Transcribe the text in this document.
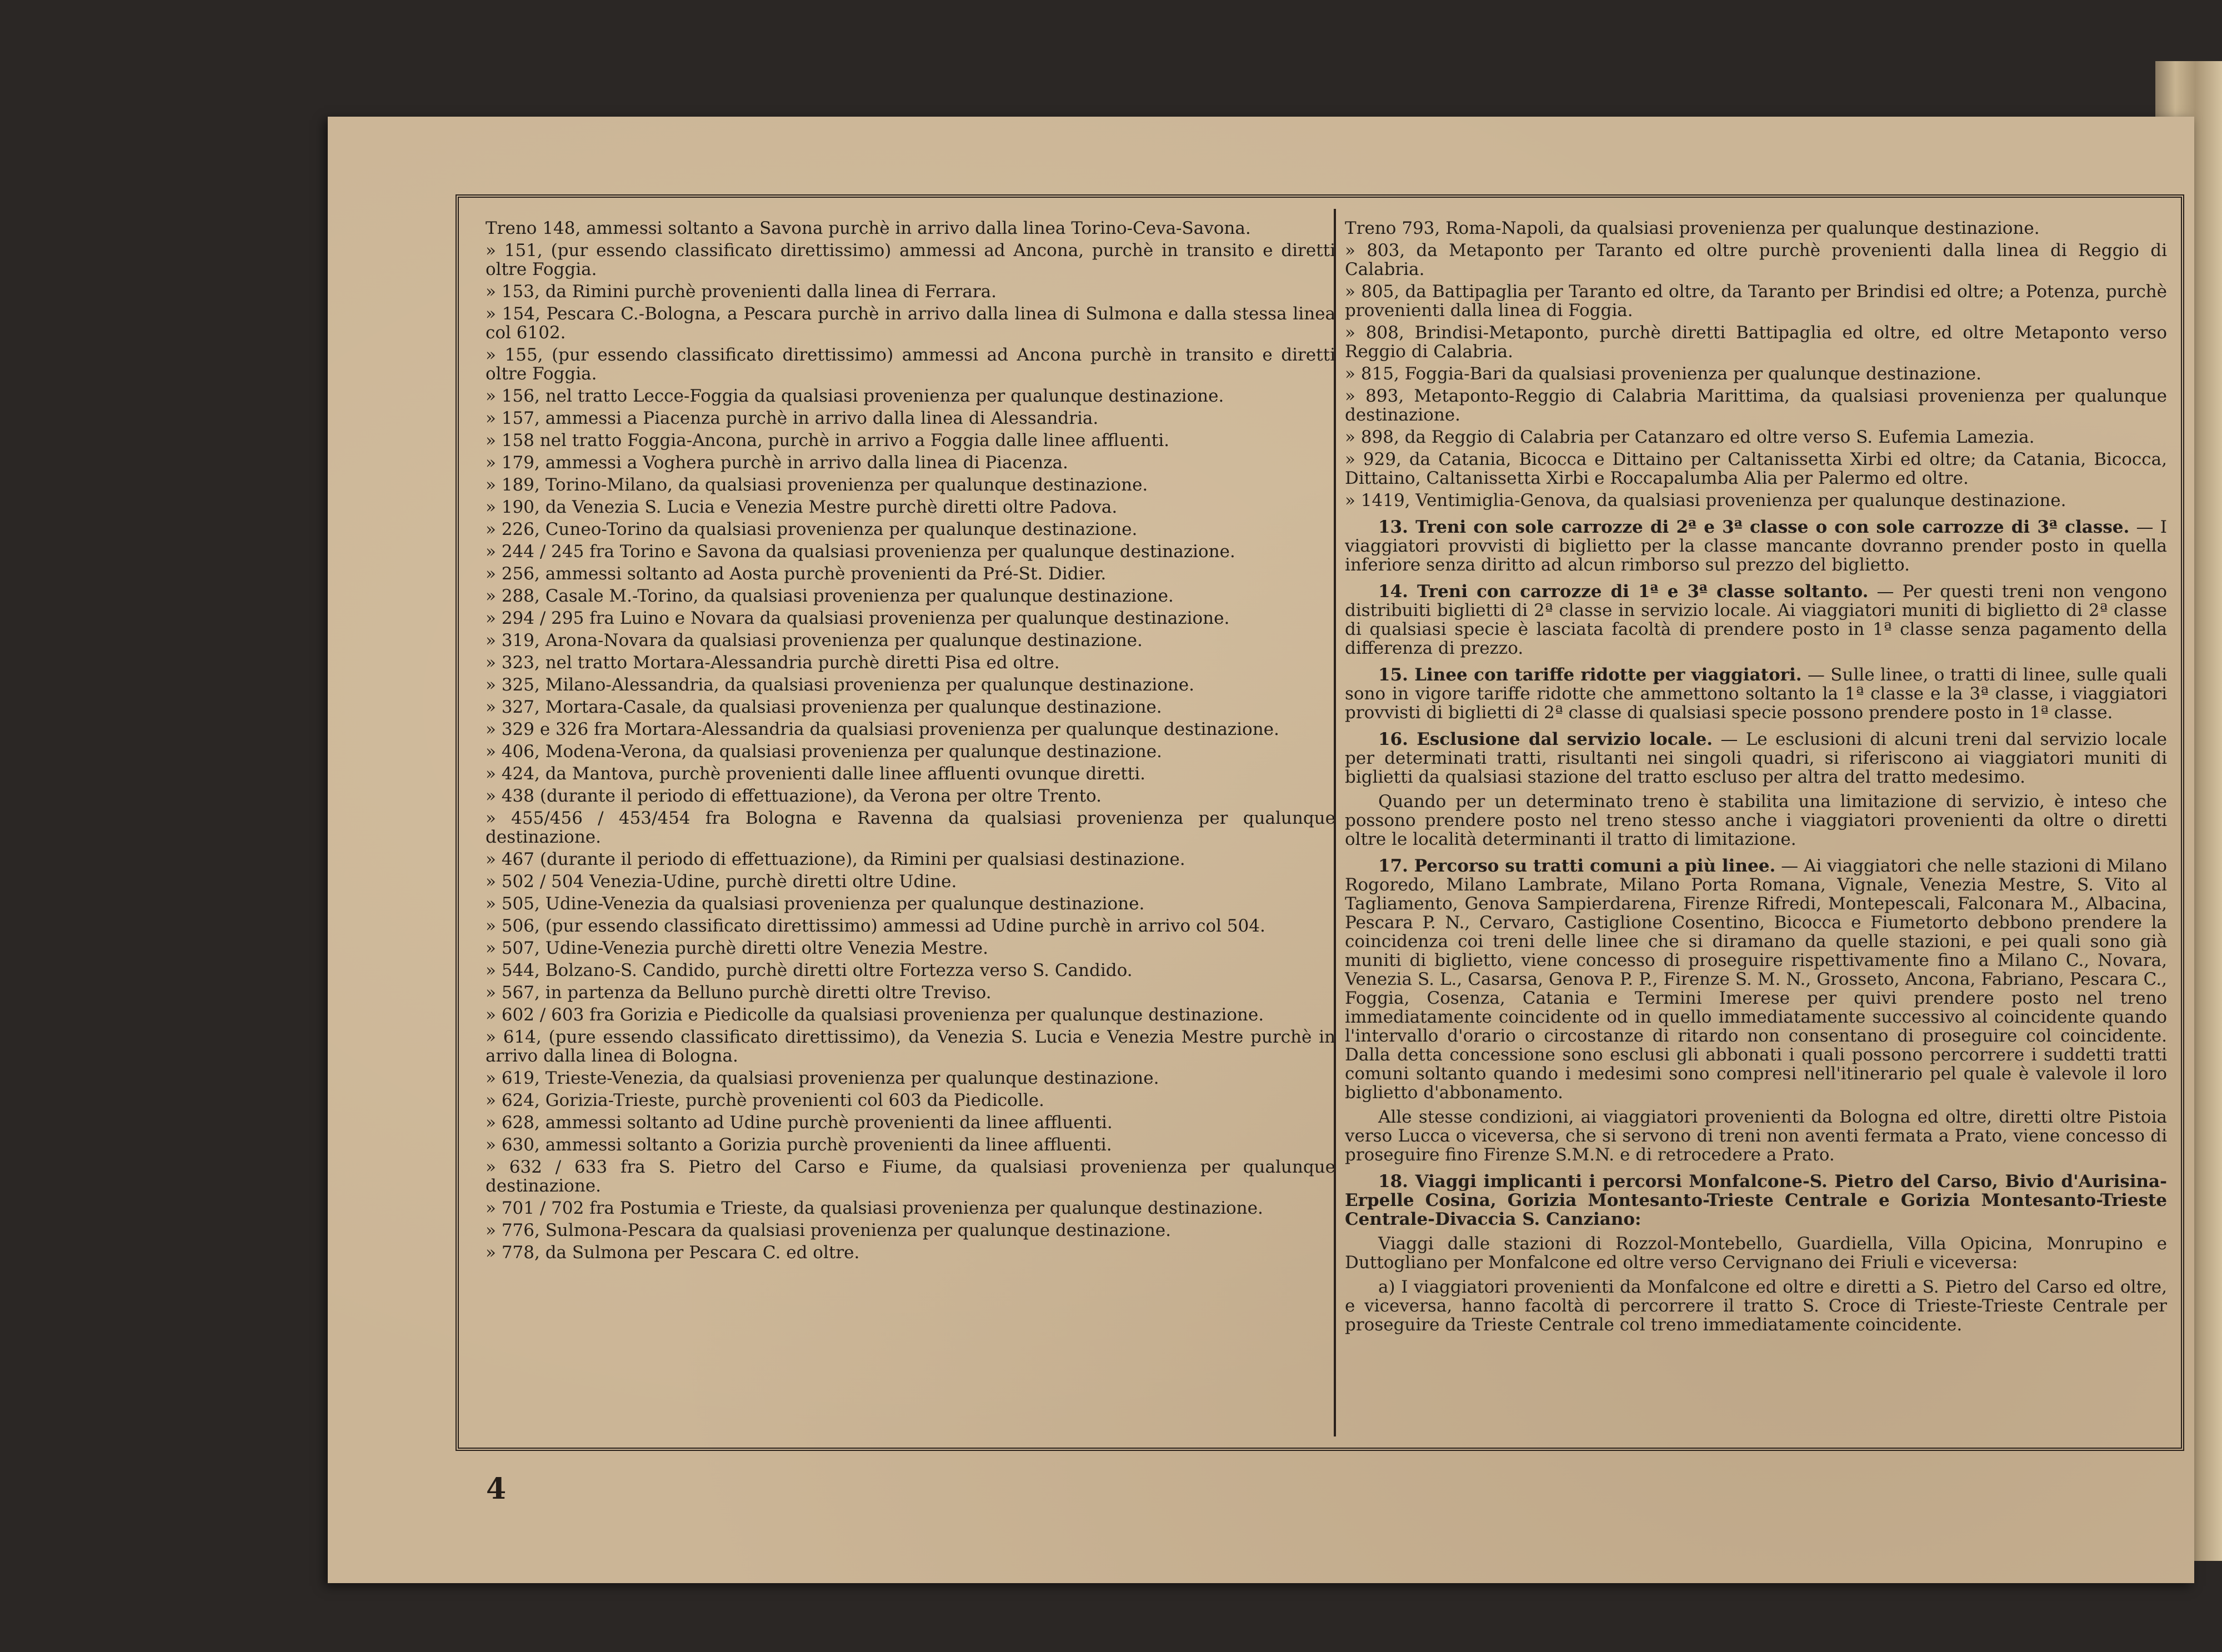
Treno 148, ammessi soltanto a Savona purchè in arrivo dalla linea Torino-Ceva-Savona.
» 151, (pur essendo classificato direttissimo) ammessi ad Ancona, purchè in transito e diretti oltre Foggia.
» 153, da Rimini purchè provenienti dalla linea di Ferrara.
» 154, Pescara C.-Bologna, a Pescara purchè in arrivo dalla linea di Sulmona e dalla stessa linea col 6102.
» 155, (pur essendo classificato direttissimo) ammessi ad Ancona purchè in transito e diretti oltre Foggia.
» 156, nel tratto Lecce-Foggia da qualsiasi provenienza per qualunque destinazione.
» 157, ammessi a Piacenza purchè in arrivo dalla linea di Alessandria.
» 158 nel tratto Foggia-Ancona, purchè in arrivo a Foggia dalle linee affluenti.
» 179, ammessi a Voghera purchè in arrivo dalla linea di Piacenza.
» 189, Torino-Milano, da qualsiasi provenienza per qualunque destinazione.
» 190, da Venezia S. Lucia e Venezia Mestre purchè diretti oltre Padova.
» 226, Cuneo-Torino da qualsiasi provenienza per qualunque destinazione.
» 244 / 245 fra Torino e Savona da qualsiasi provenienza per qualunque destinazione.
» 256, ammessi soltanto ad Aosta purchè provenienti da Pré-St. Didier.
» 288, Casale M.-Torino, da qualsiasi provenienza per qualunque destinazione.
» 294 / 295 fra Luino e Novara da qualsiasi provenienza per qualunque destinazione.
» 319, Arona-Novara da qualsiasi provenienza per qualunque destinazione.
» 323, nel tratto Mortara-Alessandria purchè diretti Pisa ed oltre.
» 325, Milano-Alessandria, da qualsiasi provenienza per qualunque destinazione.
» 327, Mortara-Casale, da qualsiasi provenienza per qualunque destinazione.
» 329 e 326 fra Mortara-Alessandria da qualsiasi provenienza per qualunque destinazione.
» 406, Modena-Verona, da qualsiasi provenienza per qualunque destinazione.
» 424, da Mantova, purchè provenienti dalle linee affluenti ovunque diretti.
» 438 (durante il periodo di effettuazione), da Verona per oltre Trento.
» 455/456 / 453/454 fra Bologna e Ravenna da qualsiasi provenienza per qualunque destinazione.
» 467 (durante il periodo di effettuazione), da Rimini per qualsiasi destinazione.
» 502 / 504 Venezia-Udine, purchè diretti oltre Udine.
» 505, Udine-Venezia da qualsiasi provenienza per qualunque destinazione.
» 506, (pur essendo classificato direttissimo) ammessi ad Udine purchè in arrivo col 504.
» 507, Udine-Venezia purchè diretti oltre Venezia Mestre.
» 544, Bolzano-S. Candido, purchè diretti oltre Fortezza verso S. Candido.
» 567, in partenza da Belluno purchè diretti oltre Treviso.
» 602 / 603 fra Gorizia e Piedicolle da qualsiasi provenienza per qualunque destinazione.
» 614, (pure essendo classificato direttissimo), da Venezia S. Lucia e Venezia Mestre purchè in arrivo dalla linea di Bologna.
» 619, Trieste-Venezia, da qualsiasi provenienza per qualunque destinazione.
» 624, Gorizia-Trieste, purchè provenienti col 603 da Piedicolle.
» 628, ammessi soltanto ad Udine purchè provenienti da linee affluenti.
» 630, ammessi soltanto a Gorizia purchè provenienti da linee affluenti.
» 632 / 633 fra S. Pietro del Carso e Fiume, da qualsiasi provenienza per qualunque destinazione.
» 701 / 702 fra Postumia e Trieste, da qualsiasi provenienza per qualunque destinazione.
» 776, Sulmona-Pescara da qualsiasi provenienza per qualunque destinazione.
» 778, da Sulmona per Pescara C. ed oltre.
Treno 793, Roma-Napoli, da qualsiasi provenienza per qualunque destinazione.
» 803, da Metaponto per Taranto ed oltre purchè provenienti dalla linea di Reggio di Calabria.
» 805, da Battipaglia per Taranto ed oltre, da Taranto per Brindisi ed oltre; a Potenza, purchè provenienti dalla linea di Foggia.
» 808, Brindisi-Metaponto, purchè diretti Battipaglia ed oltre, ed oltre Metaponto verso Reggio di Calabria.
» 815, Foggia-Bari da qualsiasi provenienza per qualunque destinazione.
» 893, Metaponto-Reggio di Calabria Marittima, da qualsiasi provenienza per qualunque destinazione.
» 898, da Reggio di Calabria per Catanzaro ed oltre verso S. Eufemia Lamezia.
» 929, da Catania, Bicocca e Dittaino per Caltanissetta Xirbi ed oltre; da Catania, Bicocca, Dittaino, Caltanissetta Xirbi e Roccapalumba Alia per Palermo ed oltre.
» 1419, Ventimiglia-Genova, da qualsiasi provenienza per qualunque destinazione.
13. Treni con sole carrozze di 2ª e 3ª classe o con sole carrozze di 3ª classe. — I viaggiatori provvisti di biglietto per la classe mancante dovranno prender posto in quella inferiore senza diritto ad alcun rimborso sul prezzo del biglietto.
14. Treni con carrozze di 1ª e 3ª classe soltanto. — Per questi treni non vengono distribuiti biglietti di 2ª classe in servizio locale. Ai viaggiatori muniti di biglietto di 2ª classe di qualsiasi specie è lasciata facoltà di prendere posto in 1ª classe senza pagamento della differenza di prezzo.
15. Linee con tariffe ridotte per viaggiatori. — Sulle linee, o tratti di linee, sulle quali sono in vigore tariffe ridotte che ammettono soltanto la 1ª classe e la 3ª classe, i viaggiatori provvisti di biglietti di 2ª classe di qualsiasi specie possono prendere posto in 1ª classe.
16. Esclusione dal servizio locale. — Le esclusioni di alcuni treni dal servizio locale per determinati tratti, risultanti nei singoli quadri, si riferiscono ai viaggiatori muniti di biglietti da qualsiasi stazione del tratto escluso per altra del tratto medesimo.
Quando per un determinato treno è stabilita una limitazione di servizio, è inteso che possono prendere posto nel treno stesso anche i viaggiatori provenienti da oltre o diretti oltre le località determinanti il tratto di limitazione.
17. Percorso su tratti comuni a più linee. — Ai viaggiatori che nelle stazioni di Milano Rogoredo, Milano Lambrate, Milano Porta Romana, Vignale, Venezia Mestre, S. Vito al Tagliamento, Genova Sampierdarena, Firenze Rifredi, Montepescali, Falconara M., Albacina, Pescara P. N., Cervaro, Castiglione Cosentino, Bicocca e Fiumetorto debbono prendere la coincidenza coi treni delle linee che si diramano da quelle stazioni, e pei quali sono già muniti di biglietto, viene concesso di proseguire rispettivamente fino a Milano C., Novara, Venezia S. L., Casarsa, Genova P. P., Firenze S. M. N., Grosseto, Ancona, Fabriano, Pescara C., Foggia, Cosenza, Catania e Termini Imerese per quivi prendere posto nel treno immediatamente coincidente od in quello immediatamente successivo al coincidente quando l'intervallo d'orario o circostanze di ritardo non consentano di proseguire col coincidente. Dalla detta concessione sono esclusi gli abbonati i quali possono percorrere i suddetti tratti comuni soltanto quando i medesimi sono compresi nell'itinerario pel quale è valevole il loro biglietto d'abbonamento.
Alle stesse condizioni, ai viaggiatori provenienti da Bologna ed oltre, diretti oltre Pistoia verso Lucca o viceversa, che si servono di treni non aventi fermata a Prato, viene concesso di proseguire fino Firenze S.M.N. e di retrocedere a Prato.
18. Viaggi implicanti i percorsi Monfalcone-S. Pietro del Carso, Bivio d'Aurisina-Erpelle Cosina, Gorizia Montesanto-Trieste Centrale e Gorizia Montesanto-Trieste Centrale-Divaccia S. Canziano:
Viaggi dalle stazioni di Rozzol-Montebello, Guardiella, Villa Opicina, Monrupino e Duttogliano per Monfalcone ed oltre verso Cervignano dei Friuli e viceversa:
a) I viaggiatori provenienti da Monfalcone ed oltre e diretti a S. Pietro del Carso ed oltre, e viceversa, hanno facoltà di percorrere il tratto S. Croce di Trieste-Trieste Centrale per proseguire da Trieste Centrale col treno immediatamente coincidente.
4
